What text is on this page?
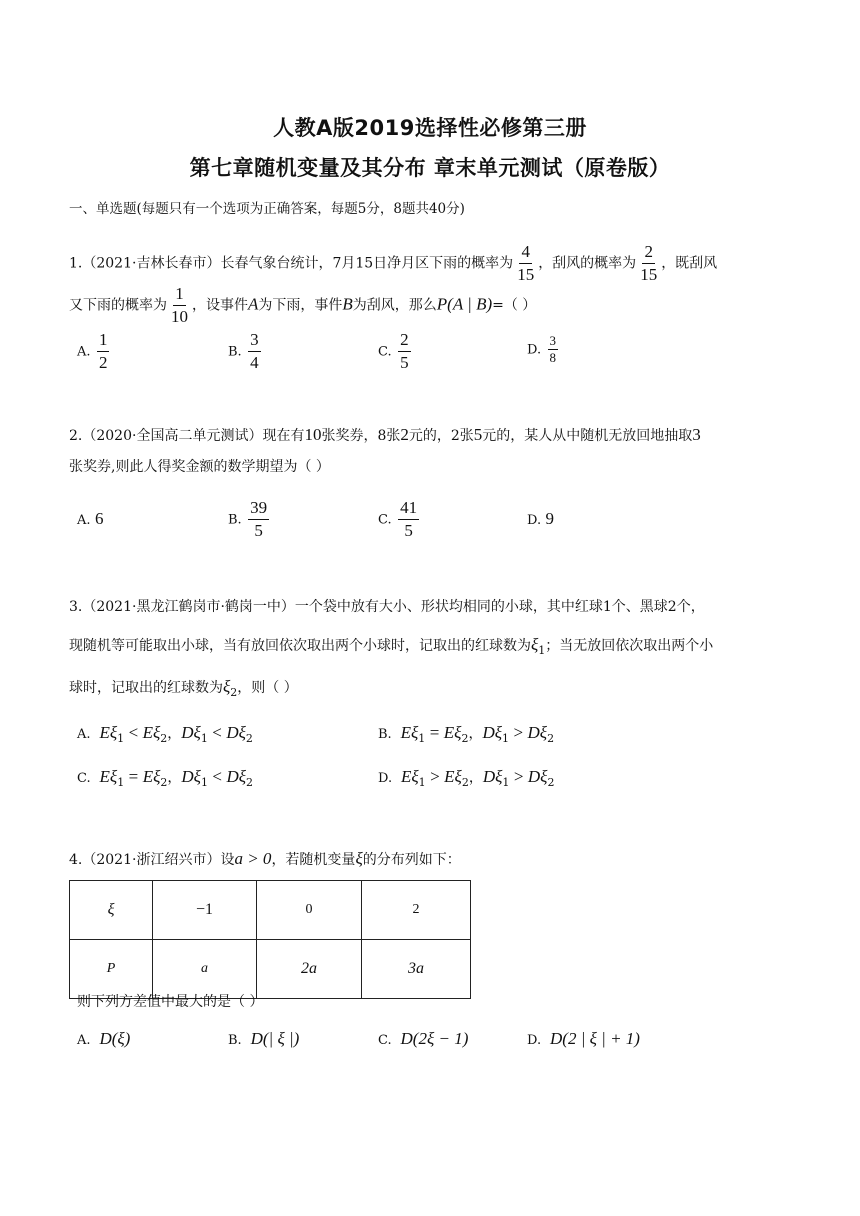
人教A版2019选择性必修第三册
第七章随机变量及其分布 章末单元测试（原卷版）
一、单选题(每题只有一个选项为正确答案，每题5分，8题共40分)
1.（2021·吉林长春市）长春气象台统计，7月15日净月区下雨的概率为 $\frac{4}{15}$ ，刮风的概率为 $\frac{2}{15}$ ，既刮风
又下雨的概率为 $\frac{1}{10}$ ，设事件A为下雨，事件B为刮风，那么P(A | B)=（ ）
A. $\frac{1}{2}$	B. $\frac{3}{4}$	C. $\frac{2}{5}$	D. $\frac{3}{8}$
2.（2020·全国高二单元测试）现在有10张奖券，8张2元的，2张5元的，某人从中随机无放回地抽取3
张奖券,则此人得奖金额的数学期望为（ ）
A. 6	B. $\frac{39}{5}$	C. $\frac{41}{5}$	D. 9
3.（2021·黑龙江鹤岗市·鹤岗一中）一个袋中放有大小、形状均相同的小球，其中红球1个、黑球2个，
现随机等可能取出小球，当有放回依次取出两个小球时，记取出的红球数为$\xi_1$；当无放回依次取出两个小
球时，记取出的红球数为$\xi_2$，则（ ）
A. $E\xi_1 < E\xi_2$，$D\xi_1 < D\xi_2$	B. $E\xi_1 = E\xi_2$，$D\xi_1 > D\xi_2$
C. $E\xi_1 = E\xi_2$，$D\xi_1 < D\xi_2$	D. $E\xi_1 > E\xi_2$，$D\xi_1 > D\xi_2$
4.（2021·浙江绍兴市）设a > 0，若随机变量ξ的分布列如下：
ξ	−1	0	2
P	a	2a	3a
则下列方差值中最大的是（ ）
A. D(ξ)	B. D(| ξ |)	C. D(2ξ − 1)	D. D(2 | ξ | + 1)
